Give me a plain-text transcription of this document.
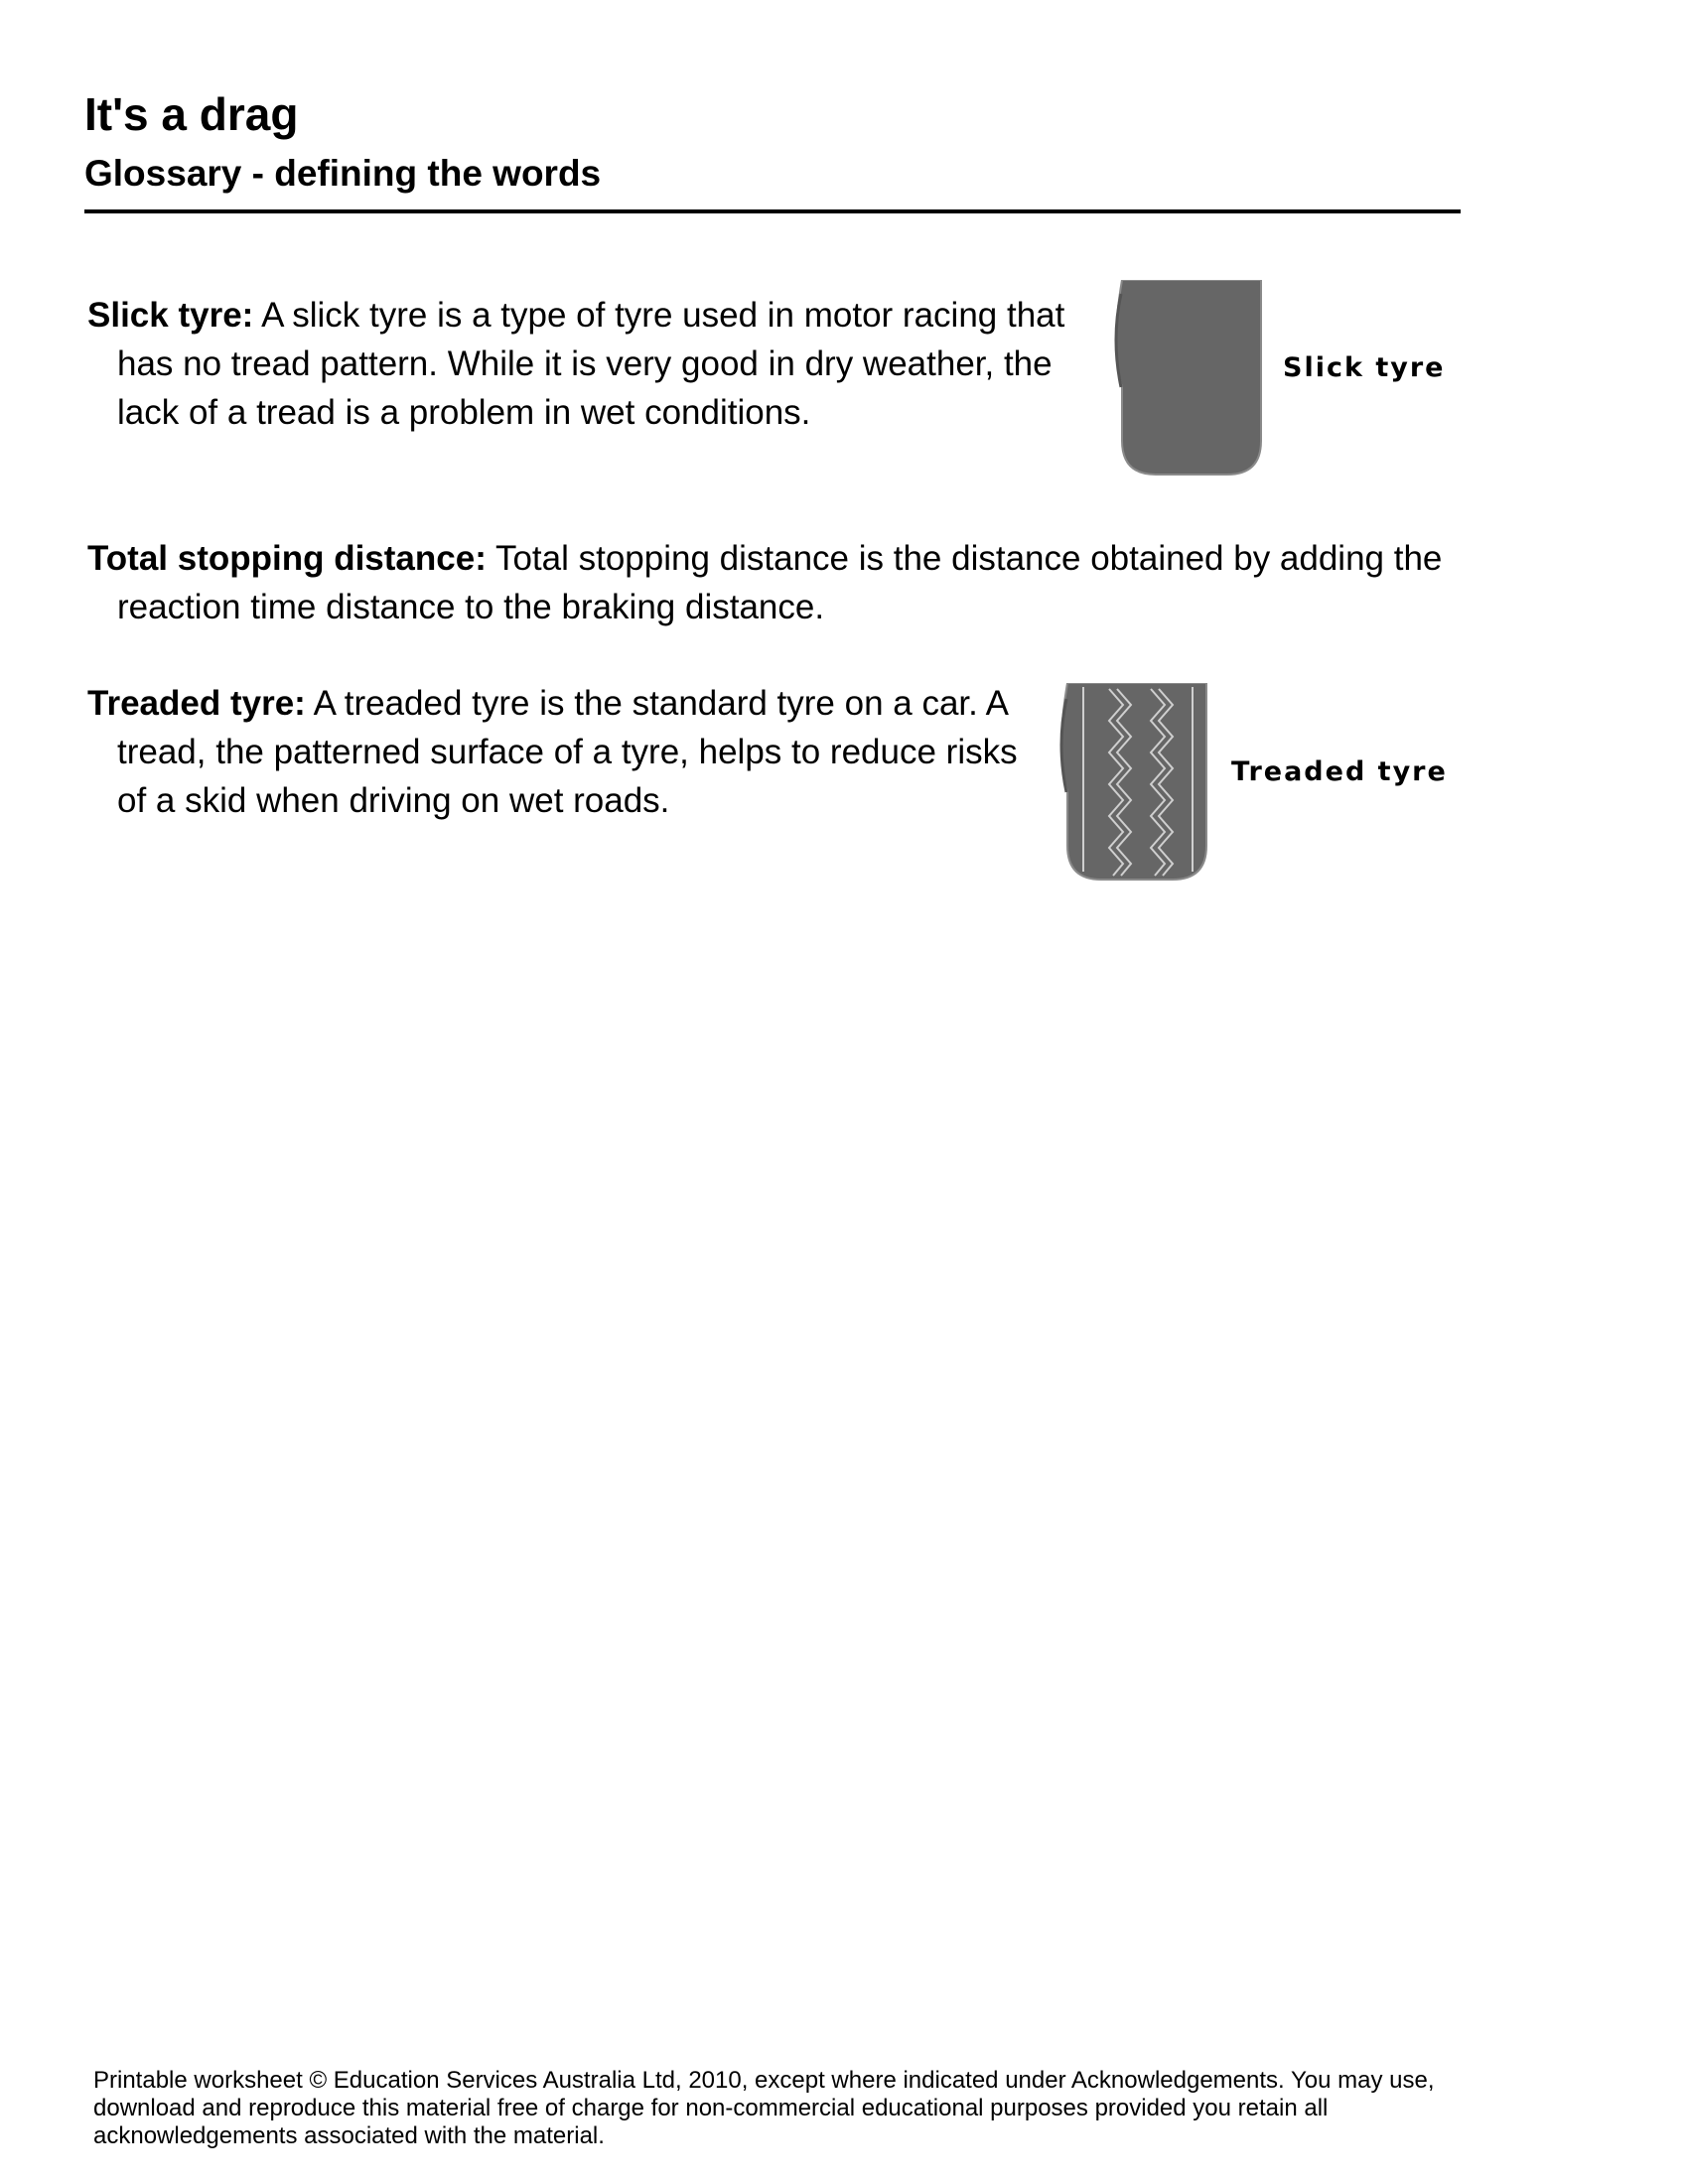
It's a drag
Glossary - defining the words

Slick tyre: A slick tyre is a type of tyre used in motor racing that has no tread pattern. While it is very good in dry weather, the lack of a tread is a problem in wet conditions.

Total stopping distance: Total stopping distance is the distance obtained by adding the reaction time distance to the braking distance.

Treaded tyre: A treaded tyre is the standard tyre on a car. A tread, the patterned surface of a tyre, helps to reduce risks of a skid when driving on wet roads.

Slick tyre
Treaded tyre

Printable worksheet © Education Services Australia Ltd, 2010, except where indicated under Acknowledgements. You may use, download and reproduce this material free of charge for non-commercial educational purposes provided you retain all acknowledgements associated with the material.
